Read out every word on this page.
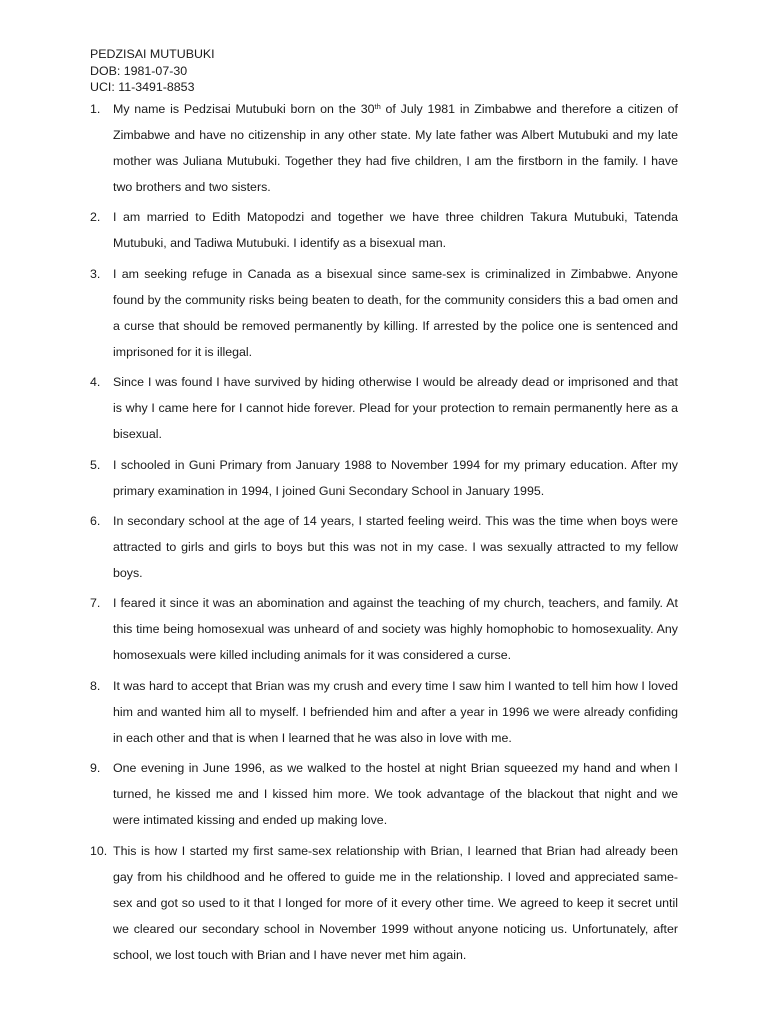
PEDZISAI MUTUBUKI
DOB: 1981-07-30
UCI: 11-3491-8853
1.	My name is Pedzisai Mutubuki born on the 30th of July 1981 in Zimbabwe and therefore a citizen of Zimbabwe and have no citizenship in any other state. My late father was Albert Mutubuki and my late mother was Juliana Mutubuki. Together they had five children, I am the firstborn in the family. I have two brothers and two sisters.
2.	I am married to Edith Matopodzi and together we have three children Takura Mutubuki, Tatenda Mutubuki, and Tadiwa Mutubuki. I identify as a bisexual man.
3.	I am seeking refuge in Canada as a bisexual since same-sex is criminalized in Zimbabwe. Anyone found by the community risks being beaten to death, for the community considers this a bad omen and a curse that should be removed permanently by killing. If arrested by the police one is sentenced and imprisoned for it is illegal.
4.	Since I was found I have survived by hiding otherwise I would be already dead or imprisoned and that is why I came here for I cannot hide forever. Plead for your protection to remain permanently here as a bisexual.
5.	I schooled in Guni Primary from January 1988 to November 1994 for my primary education. After my primary examination in 1994, I joined Guni Secondary School in January 1995.
6.	In secondary school at the age of 14 years, I started feeling weird. This was the time when boys were attracted to girls and girls to boys but this was not in my case. I was sexually attracted to my fellow boys.
7.	I feared it since it was an abomination and against the teaching of my church, teachers, and family. At this time being homosexual was unheard of and society was highly homophobic to homosexuality. Any homosexuals were killed including animals for it was considered a curse.
8.	It was hard to accept that Brian was my crush and every time I saw him I wanted to tell him how I loved him and wanted him all to myself. I befriended him and after a year in 1996 we were already confiding in each other and that is when I learned that he was also in love with me.
9.	One evening in June 1996, as we walked to the hostel at night Brian squeezed my hand and when I turned, he kissed me and I kissed him more. We took advantage of the blackout that night and we were intimated kissing and ended up making love.
10. This is how I started my first same-sex relationship with Brian, I learned that Brian had already been gay from his childhood and he offered to guide me in the relationship. I loved and appreciated same-sex and got so used to it that I longed for more of it every other time. We agreed to keep it secret until we cleared our secondary school in November 1999 without anyone noticing us. Unfortunately, after school, we lost touch with Brian and I have never met him again.
